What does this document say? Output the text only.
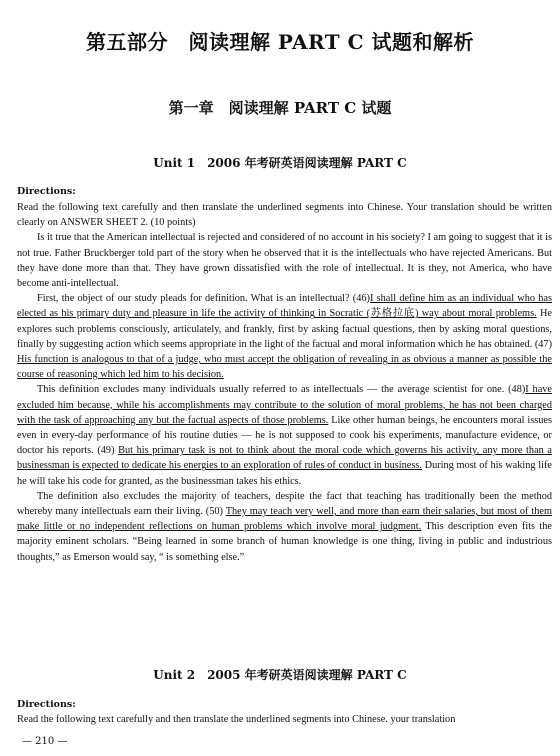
第五部分　阅读理解 PART C 试题和解析
第一章　阅读理解 PART C 试题
Unit 1　2006 年考研英语阅读理解 PART C
Directions:

Read the following text carefully and then translate the underlined segments into Chinese. Your translation should be written clearly on ANSWER SHEET 2. (10 points)

Is it true that the American intellectual is rejected and considered of no account in his society? I am going to suggest that it is not true. Father Bruckberger told part of the story when he observed that it is the intellectuals who have rejected Americans. But they have done more than that. They have grown dissatisfied with the role of intellectual. It is they, not America, who have become anti-intellectual.

First, the object of our study pleads for definition. What is an intellectual? (46)I shall define him as an individual who has elected as his primary duty and pleasure in life the activity of thinking in Socratic (苏格拉底) way about moral problems. He explores such problems consciously, articulately, and frankly, first by asking factual questions, then by asking moral questions, finally by suggesting action which seems appropriate in the light of the factual and moral information which he has obtained. (47) His function is analogous to that of a judge, who must accept the obligation of revealing in as obvious a manner as possible the course of reasoning which led him to his decision.

This definition excludes many individuals usually referred to as intellectuals — the average scientist for one. (48)I have excluded him because, while his accomplishments may contribute to the solution of moral problems, he has not been charged with the task of approaching any but the factual aspects of those problems. Like other human beings, he encounters moral issues even in every-day performance of his routine duties — he is not supposed to cook his experiments, manufacture evidence, or doctor his reports. (49) But his primary task is not to think about the moral code which governs his activity, any more than a businessman is expected to dedicate his energies to an exploration of rules of conduct in business. During most of his waking life he will take his code for granted, as the businessman takes his ethics.

The definition also excludes the majority of teachers, despite the fact that teaching has traditionally been the method whereby many intellectuals earn their living. (50) They may teach very well, and more than earn their salaries, but most of them make little or no independent reflections on human problems which involve moral judgment. This description even fits the majority eminent scholars. “Being learned in some branch of human knowledge is one thing, living in public and industrious thoughts,” as Emerson would say, “ is something else.”

Unit 2　2005 年考研英语阅读理解 PART C
Directions:

Read the following text carefully and then translate the underlined segments into Chinese. your translation

— 210 —
